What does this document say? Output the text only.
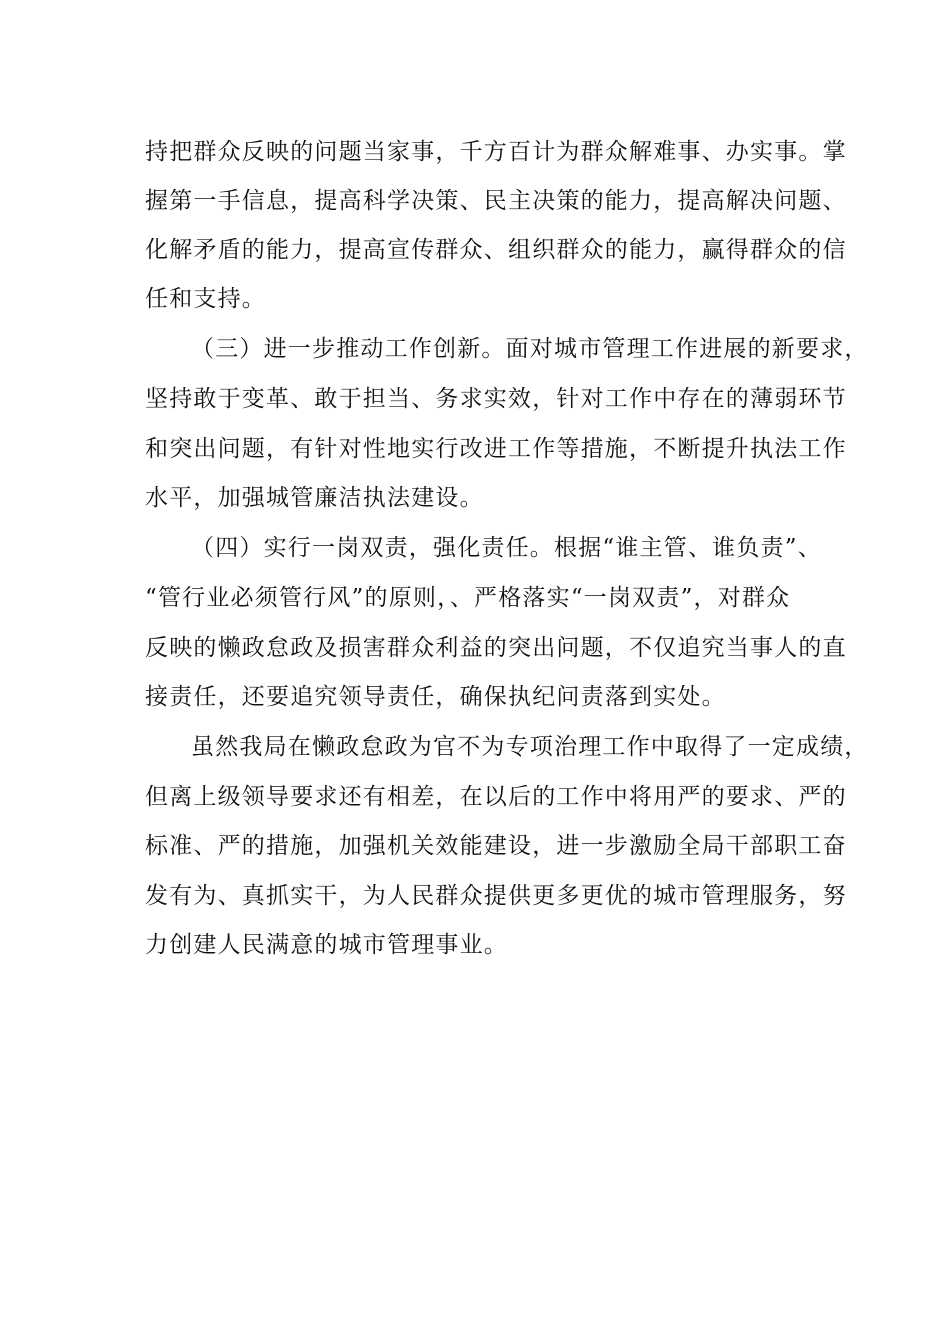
持把群众反映的问题当家事，千方百计为群众解难事、办实事。掌

握第一手信息，提高科学决策、民主决策的能力，提高解决问题、

化解矛盾的能力，提高宣传群众、组织群众的能力，赢得群众的信

任和支持。

（三）进一步推动工作创新。面对城市管理工作进展的新要求，

坚持敢于变革、敢于担当、务求实效，针对工作中存在的薄弱环节

和突出问题，有针对性地实行改进工作等措施，不断提升执法工作

水平，加强城管廉洁执法建设。

（四）实行一岗双责，强化责任。根据“谁主管、谁负责”、

“管行业必须管行风”的原则，、严格落实“一岗双责”，对群众

反映的懒政怠政及损害群众利益的突出问题，不仅追究当事人的直

接责任，还要追究领导责任，确保执纪问责落到实处。

虽然我局在懒政怠政为官不为专项治理工作中取得了一定成绩，

但离上级领导要求还有相差，在以后的工作中将用严的要求、严的

标准、严的措施，加强机关效能建设，进一步激励全局干部职工奋

发有为、真抓实干，为人民群众提供更多更优的城市管理服务，努

力创建人民满意的城市管理事业。
